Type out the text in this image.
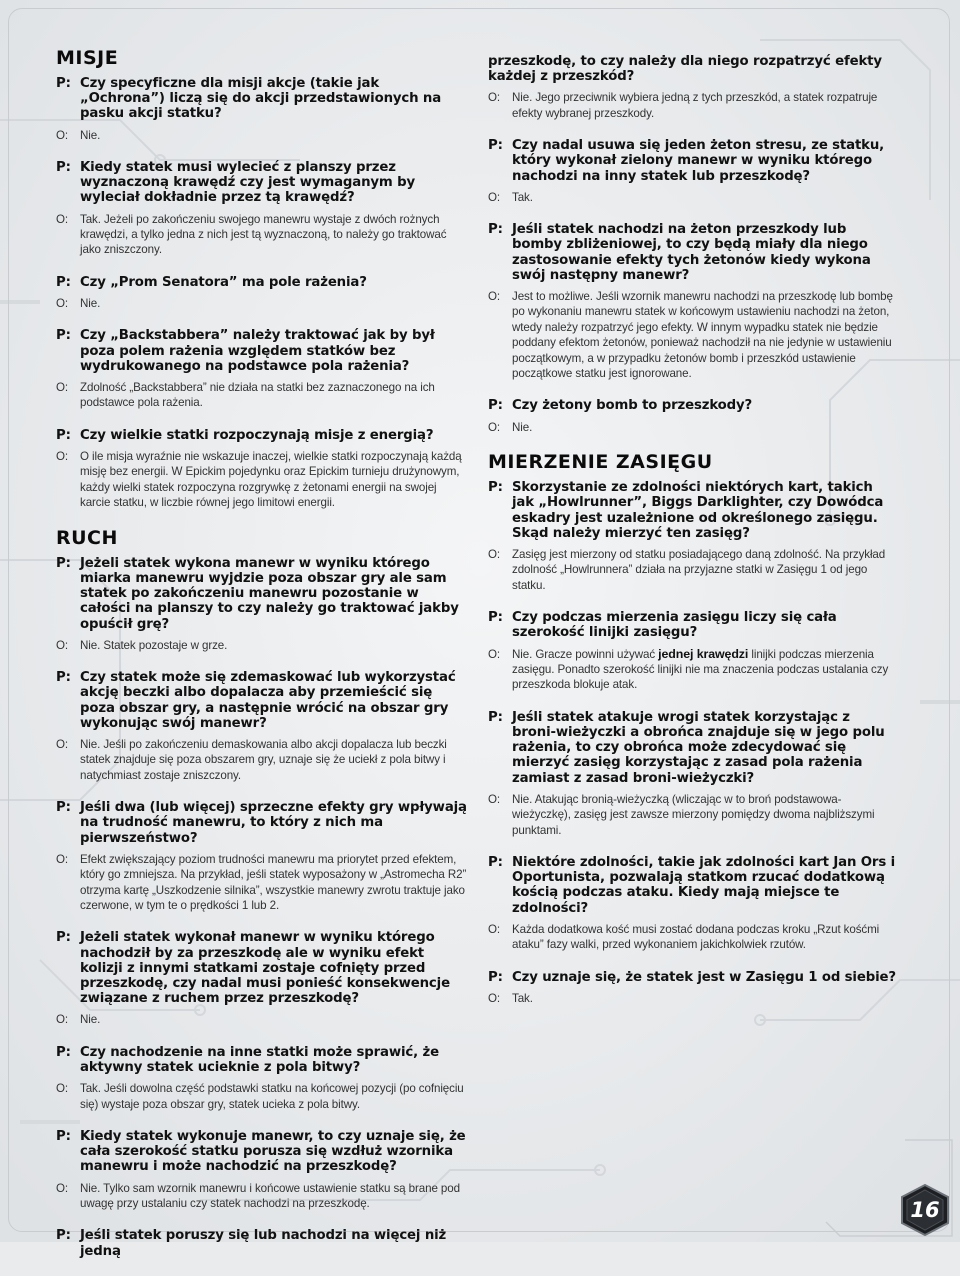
MISJE
P: Czy specyficzne dla misji akcje (takie jak „Ochrona”) liczą się do akcji przedstawionych na pasku akcji statku?
O:	Nie.
P: Kiedy statek musi wylecieć z planszy przez wyznaczoną krawędź czy jest wymaganym by wyleciał dokładnie przez tą krawędź?
O:	Tak. Jeżeli po zakończeniu swojego manewru wystaje z dwóch rożnych krawędzi, a tylko jedna z nich jest tą wyznaczoną, to należy go traktować jako zniszczony.
P: Czy „Prom Senatora” ma pole rażenia?
O:	Nie.
P: Czy „Backstabbera” należy traktować jak by był poza polem rażenia względem statków bez wydrukowanego na podstawce pola rażenia?
O:	Zdolność „Backstabbera” nie działa na statki bez zaznaczonego na ich podstawce pola rażenia.
P: Czy wielkie statki rozpoczynają misje z energią?
O:	O ile misja wyraźnie nie wskazuje inaczej, wielkie statki rozpoczynają każdą misję bez energii. W Epickim pojedynku oraz Epickim turnieju drużynowym, każdy wielki statek rozpoczyna rozgrywkę z żetonami energii na swojej karcie statku, w liczbie równej jego limitowi energii.
RUCH
P: Jeżeli statek wykona manewr w wyniku którego miarka manewru wyjdzie poza obszar gry ale sam statek po zakończeniu manewru pozostanie w całości na planszy to czy należy go traktować jakby opuścił grę?
O:	Nie. Statek pozostaje w grze.
P: Czy statek może się zdemaskować lub wykorzystać akcję beczki albo dopalacza aby przemieścić się poza obszar gry, a następnie wrócić na obszar gry wykonując swój manewr?
O:	Nie. Jeśli po zakończeniu demaskowania albo akcji dopalacza lub beczki statek znajduje się poza obszarem gry, uznaje się że uciekł z pola bitwy i natychmiast zostaje zniszczony.
P: Jeśli dwa (lub więcej) sprzeczne efekty gry wpływają na trudność manewru, to który z nich ma pierwszeństwo?
O:	Efekt zwiększający poziom trudności manewru ma priorytet przed efektem, który go zmniejsza. Na przykład, jeśli statek wyposażony w „Astromecha R2” otrzyma kartę „Uszkodzenie silnika”, wszystkie manewry zwrotu traktuje jako czerwone, w tym te o prędkości 1 lub 2.
P: Jeżeli statek wykonał manewr w wyniku którego nachodził by za przeszkodę ale w wyniku efekt kolizji z innymi statkami zostaje cofnięty przed przeszkodę, czy nadal musi ponieść konsekwencje związane z ruchem przez przeszkodę?
O:	Nie.
P: Czy nachodzenie na inne statki może sprawić, że aktywny statek ucieknie z pola bitwy?
O:	Tak. Jeśli dowolna część podstawki statku na końcowej pozycji (po cofnięciu się) wystaje poza obszar gry, statek ucieka z pola bitwy.
P: Kiedy statek wykonuje manewr, to czy uznaje się, że cała szerokość statku porusza się wzdłuż wzornika manewru i może nachodzić na przeszkodę?
O:	Nie. Tylko sam wzornik manewru i końcowe ustawienie statku są brane pod uwagę przy ustalaniu czy statek nachodzi na przeszkodę.
P: Jeśli statek poruszy się lub nachodzi na więcej niż jedną
przeszkodę, to czy należy dla niego rozpatrzyć efekty każdej z przeszkód?
O:	Nie. Jego przeciwnik wybiera jedną z tych przeszkód, a statek rozpatruje efekty wybranej przeszkody.
P: Czy nadal usuwa się jeden żeton stresu, ze statku, który wykonał zielony manewr w wyniku którego nachodzi na inny statek lub przeszkodę?
O:	Tak.
P: Jeśli statek nachodzi na żeton przeszkody lub bomby zbliżeniowej, to czy będą miały dla niego zastosowanie efekty tych żetonów kiedy wykona swój następny manewr?
O:	Jest to możliwe. Jeśli wzornik manewru nachodzi na przeszkodę lub bombę po wykonaniu manewru statek w końcowym ustawieniu nachodzi na żeton, wtedy należy rozpatrzyć jego efekty. W innym wypadku statek nie będzie poddany efektom żetonów, ponieważ nachodził na nie jedynie w ustawieniu początkowym, a w przypadku żetonów bomb i przeszkód ustawienie początkowe statku jest ignorowane.
P: Czy żetony bomb to przeszkody?
O:	Nie.
MIERZENIE ZASIĘGU
P: Skorzystanie ze zdolności niektórych kart, takich jak „Howlrunner”, Biggs Darklighter, czy Dowódca eskadry jest uzależnione od określonego zasięgu. Skąd należy mierzyć ten zasięg?
O:	Zasięg jest mierzony od statku posiadającego daną zdolność. Na przykład zdolność „Howlrunnera” działa na przyjazne statki w Zasięgu 1 od jego statku.
P: Czy podczas mierzenia zasięgu liczy się cała szerokość linijki zasięgu?
O:	Nie. Gracze powinni używać jednej krawędzi linijki podczas mierzenia zasięgu. Ponadto szerokość linijki nie ma znaczenia podczas ustalania czy przeszkoda blokuje atak.
P: Jeśli statek atakuje wrogi statek korzystając z broni-wieżyczki a obrońca znajduje się w jego polu rażenia, to czy obrońca może zdecydować się mierzyć zasięg korzystając z zasad pola rażenia zamiast z zasad broni-wieżyczki?
O:	Nie. Atakując bronią-wieżyczką (wliczając w to broń podstawowa-wieżyczkę), zasięg jest zawsze mierzony pomiędzy dwoma najbliższymi punktami.
P: Niektóre zdolności, takie jak zdolności kart Jan Ors i Oportunista, pozwalają statkom rzucać dodatkową kością podczas ataku. Kiedy mają miejsce te zdolności?
O:	Każda dodatkowa kość musi zostać dodana podczas kroku „Rzut kośćmi ataku” fazy walki, przed wykonaniem jakichkolwiek rzutów.
P: Czy uznaje się, że statek jest w Zasięgu 1 od siebie?
O:	Tak.
16
